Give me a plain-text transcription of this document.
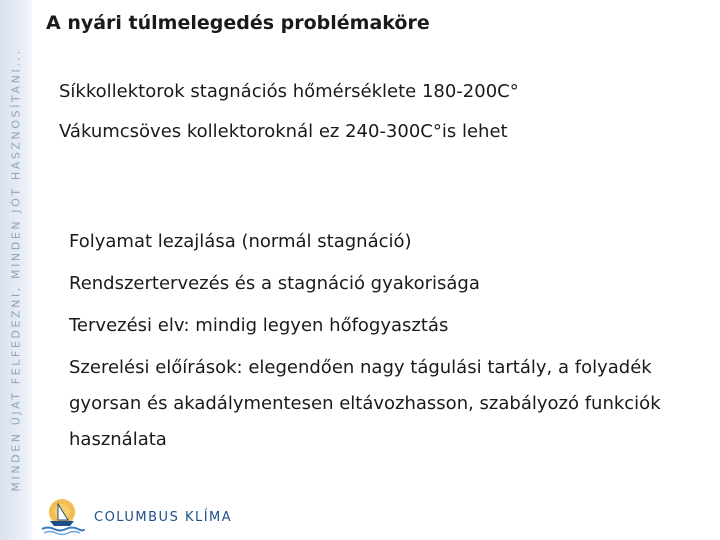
MINDEN ÚJAT FELFEDEZNI, MINDEN JÓT HASZNOSÍTANI...
A nyári túlmelegedés problémaköre
Síkkollektorok stagnációs hőmérséklete 180-200C°
Vákumcsöves kollektoroknál ez 240-300C°is lehet
Folyamat lezajlása (normál stagnáció)
Rendszertervezés és a stagnáció gyakorisága
Tervezési elv: mindig legyen hőfogyasztás
Szerelési előírások: elegendően nagy tágulási tartály, a folyadék gyorsan és akadálymentesen eltávozhasson, szabályozó funkciók használata
COLUMBUS KLÍMA
